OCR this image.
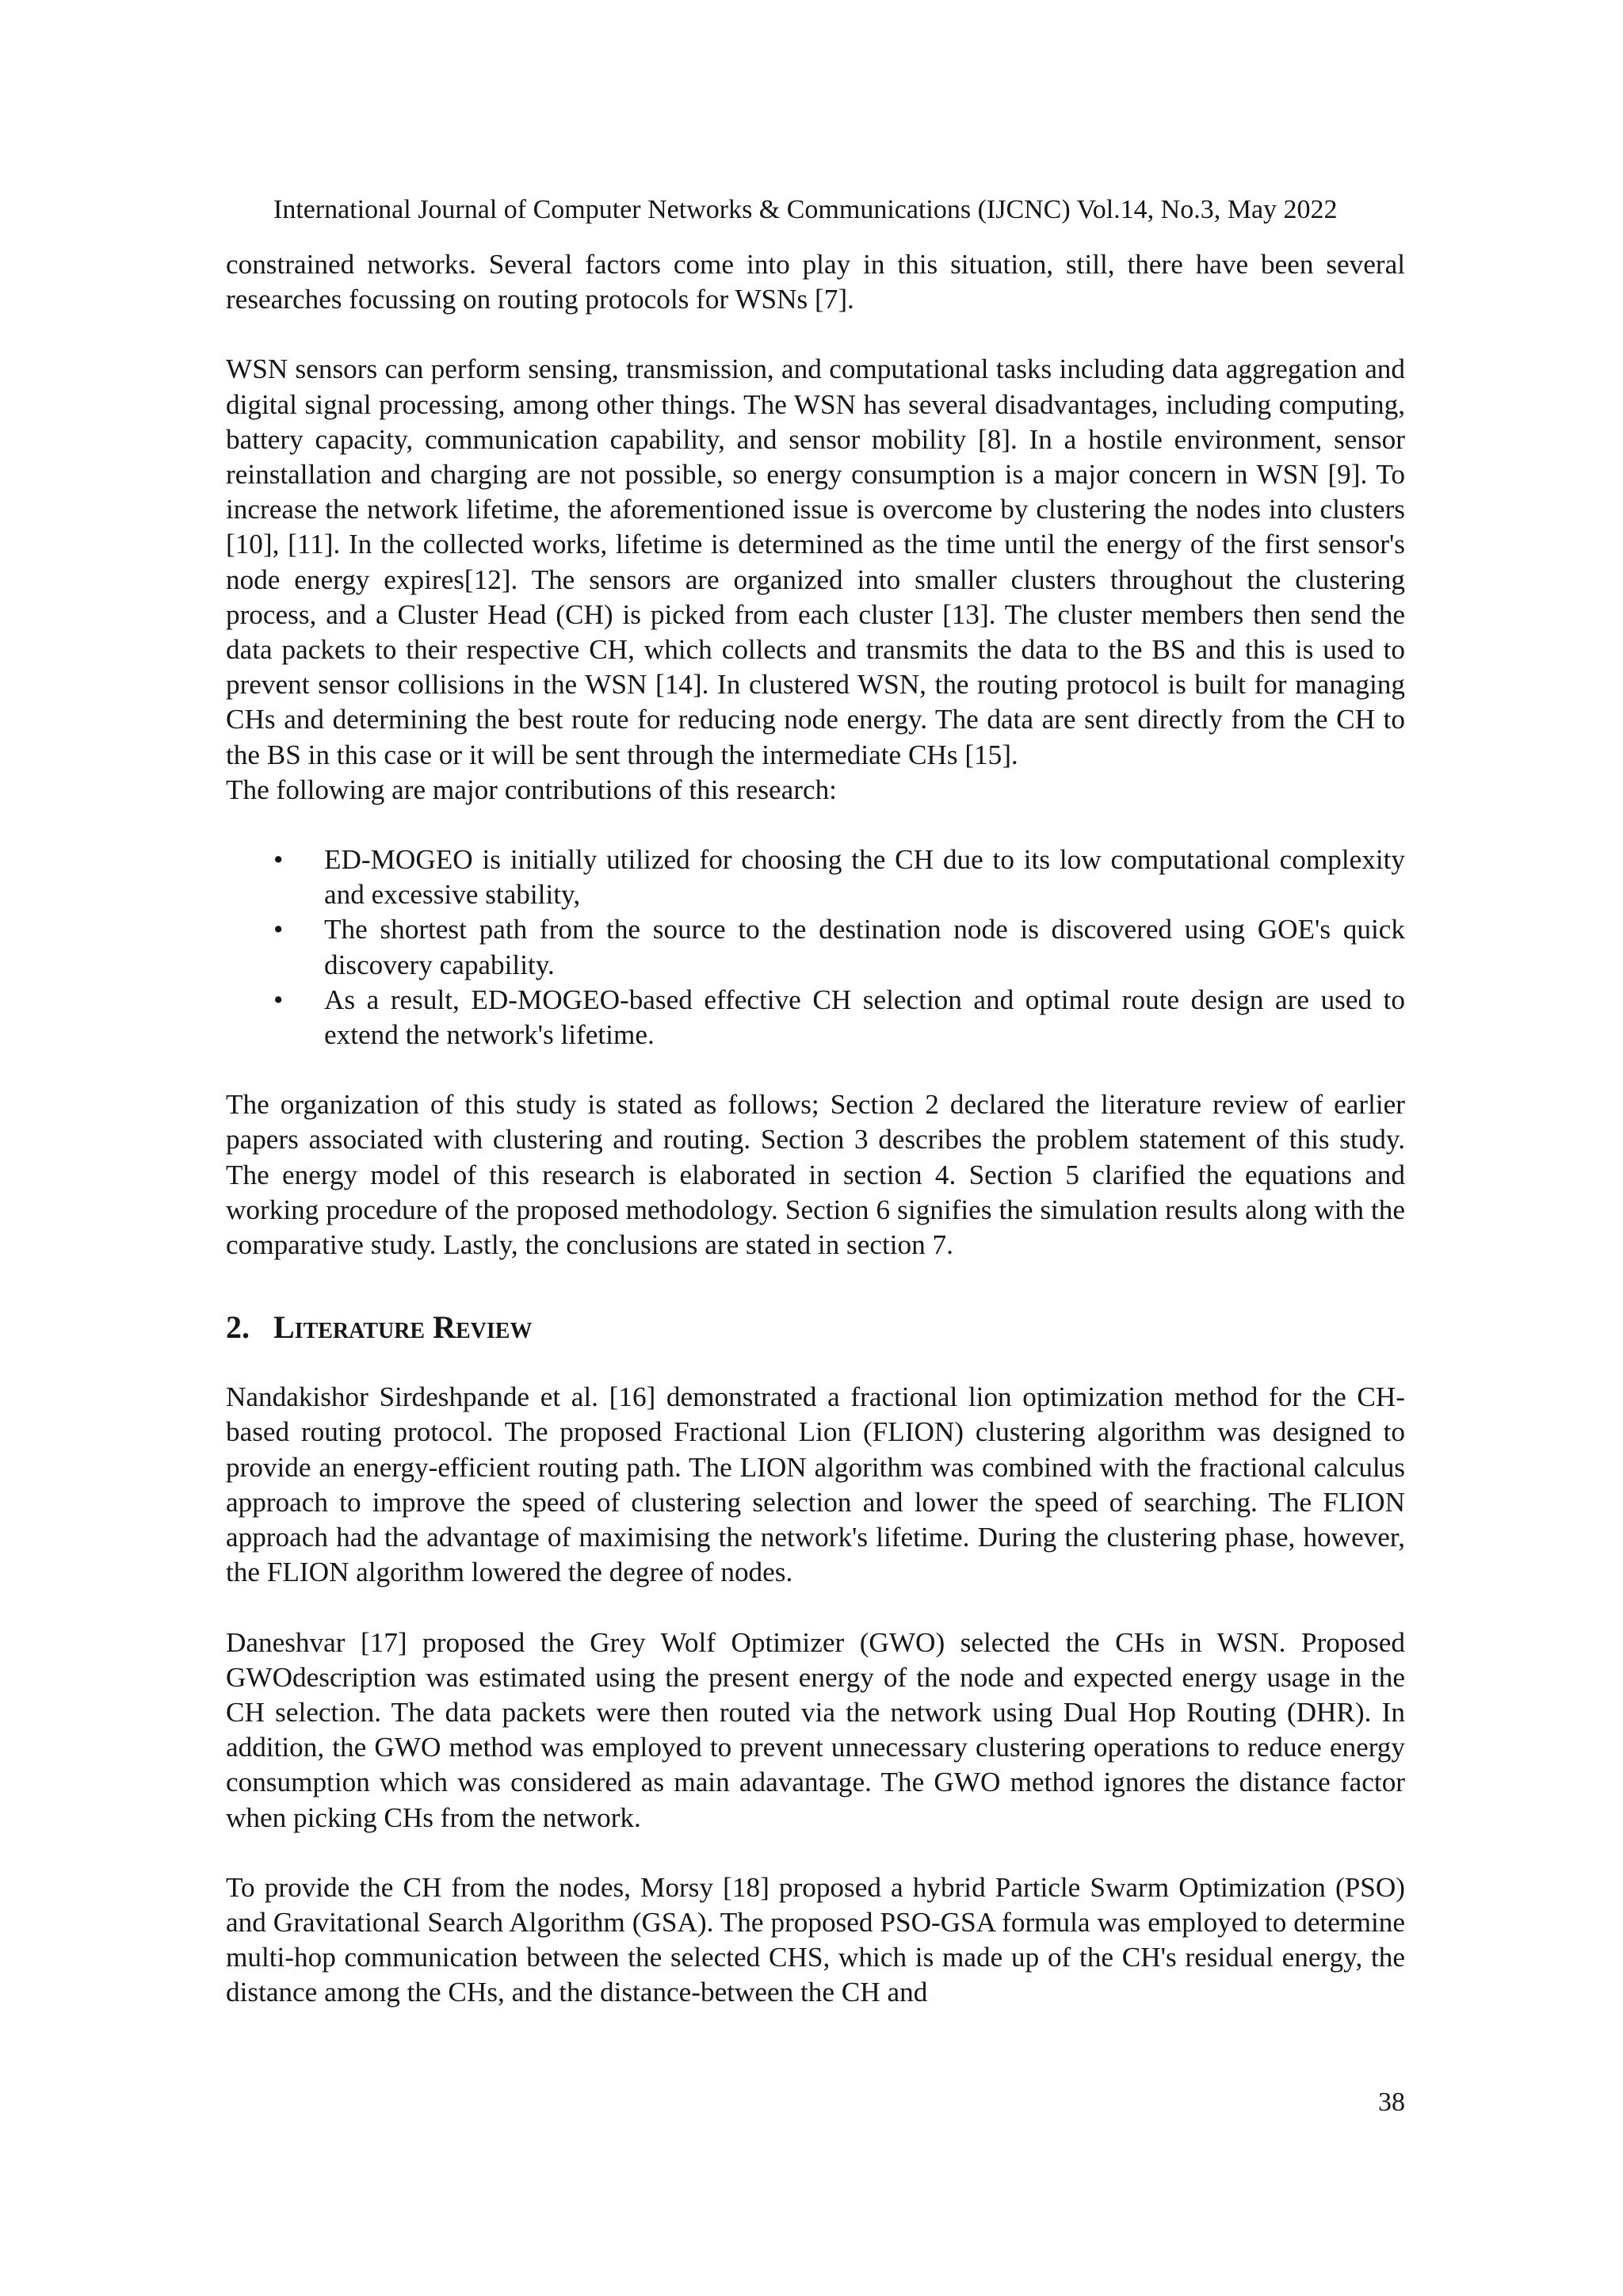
International Journal of Computer Networks & Communications (IJCNC) Vol.14, No.3, May 2022

constrained networks. Several factors come into play in this situation, still, there have been several researches focussing on routing protocols for WSNs [7].

WSN sensors can perform sensing, transmission, and computational tasks including data aggregation and digital signal processing, among other things. The WSN has several disadvantages, including computing, battery capacity, communication capability, and sensor mobility [8]. In a hostile environment, sensor reinstallation and charging are not possible, so energy consumption is a major concern in WSN [9]. To increase the network lifetime, the aforementioned issue is overcome by clustering the nodes into clusters [10], [11]. In the collected works, lifetime is determined as the time until the energy of the first sensor's node energy expires[12]. The sensors are organized into smaller clusters throughout the clustering process, and a Cluster Head (CH) is picked from each cluster [13]. The cluster members then send the data packets to their respective CH, which collects and transmits the data to the BS and this is used to prevent sensor collisions in the WSN [14]. In clustered WSN, the routing protocol is built for managing CHs and determining the best route for reducing node energy. The data are sent directly from the CH to the BS in this case or it will be sent through the intermediate CHs [15].

The following are major contributions of this research:

• ED-MOGEO is initially utilized for choosing the CH due to its low computational complexity and excessive stability,
• The shortest path from the source to the destination node is discovered using GOE's quick discovery capability.
• As a result, ED-MOGEO-based effective CH selection and optimal route design are used to extend the network's lifetime.

The organization of this study is stated as follows; Section 2 declared the literature review of earlier papers associated with clustering and routing. Section 3 describes the problem statement of this study. The energy model of this research is elaborated in section 4. Section 5 clarified the equations and working procedure of the proposed methodology. Section 6 signifies the simulation results along with the comparative study. Lastly, the conclusions are stated in section 7.

2. Literature Review

Nandakishor Sirdeshpande et al. [16] demonstrated a fractional lion optimization method for the CH-based routing protocol. The proposed Fractional Lion (FLION) clustering algorithm was designed to provide an energy-efficient routing path. The LION algorithm was combined with the fractional calculus approach to improve the speed of clustering selection and lower the speed of searching. The FLION approach had the advantage of maximising the network's lifetime. During the clustering phase, however, the FLION algorithm lowered the degree of nodes.

Daneshvar [17] proposed the Grey Wolf Optimizer (GWO) selected the CHs in WSN. Proposed GWOdescription was estimated using the present energy of the node and expected energy usage in the CH selection. The data packets were then routed via the network using Dual Hop Routing (DHR). In addition, the GWO method was employed to prevent unnecessary clustering operations to reduce energy consumption which was considered as main adavantage. The GWO method ignores the distance factor when picking CHs from the network.

To provide the CH from the nodes, Morsy [18] proposed a hybrid Particle Swarm Optimization (PSO) and Gravitational Search Algorithm (GSA). The proposed PSO-GSA formula was employed to determine multi-hop communication between the selected CHS, which is made up of the CH's residual energy, the distance among the CHs, and the distance-between the CH and

38
